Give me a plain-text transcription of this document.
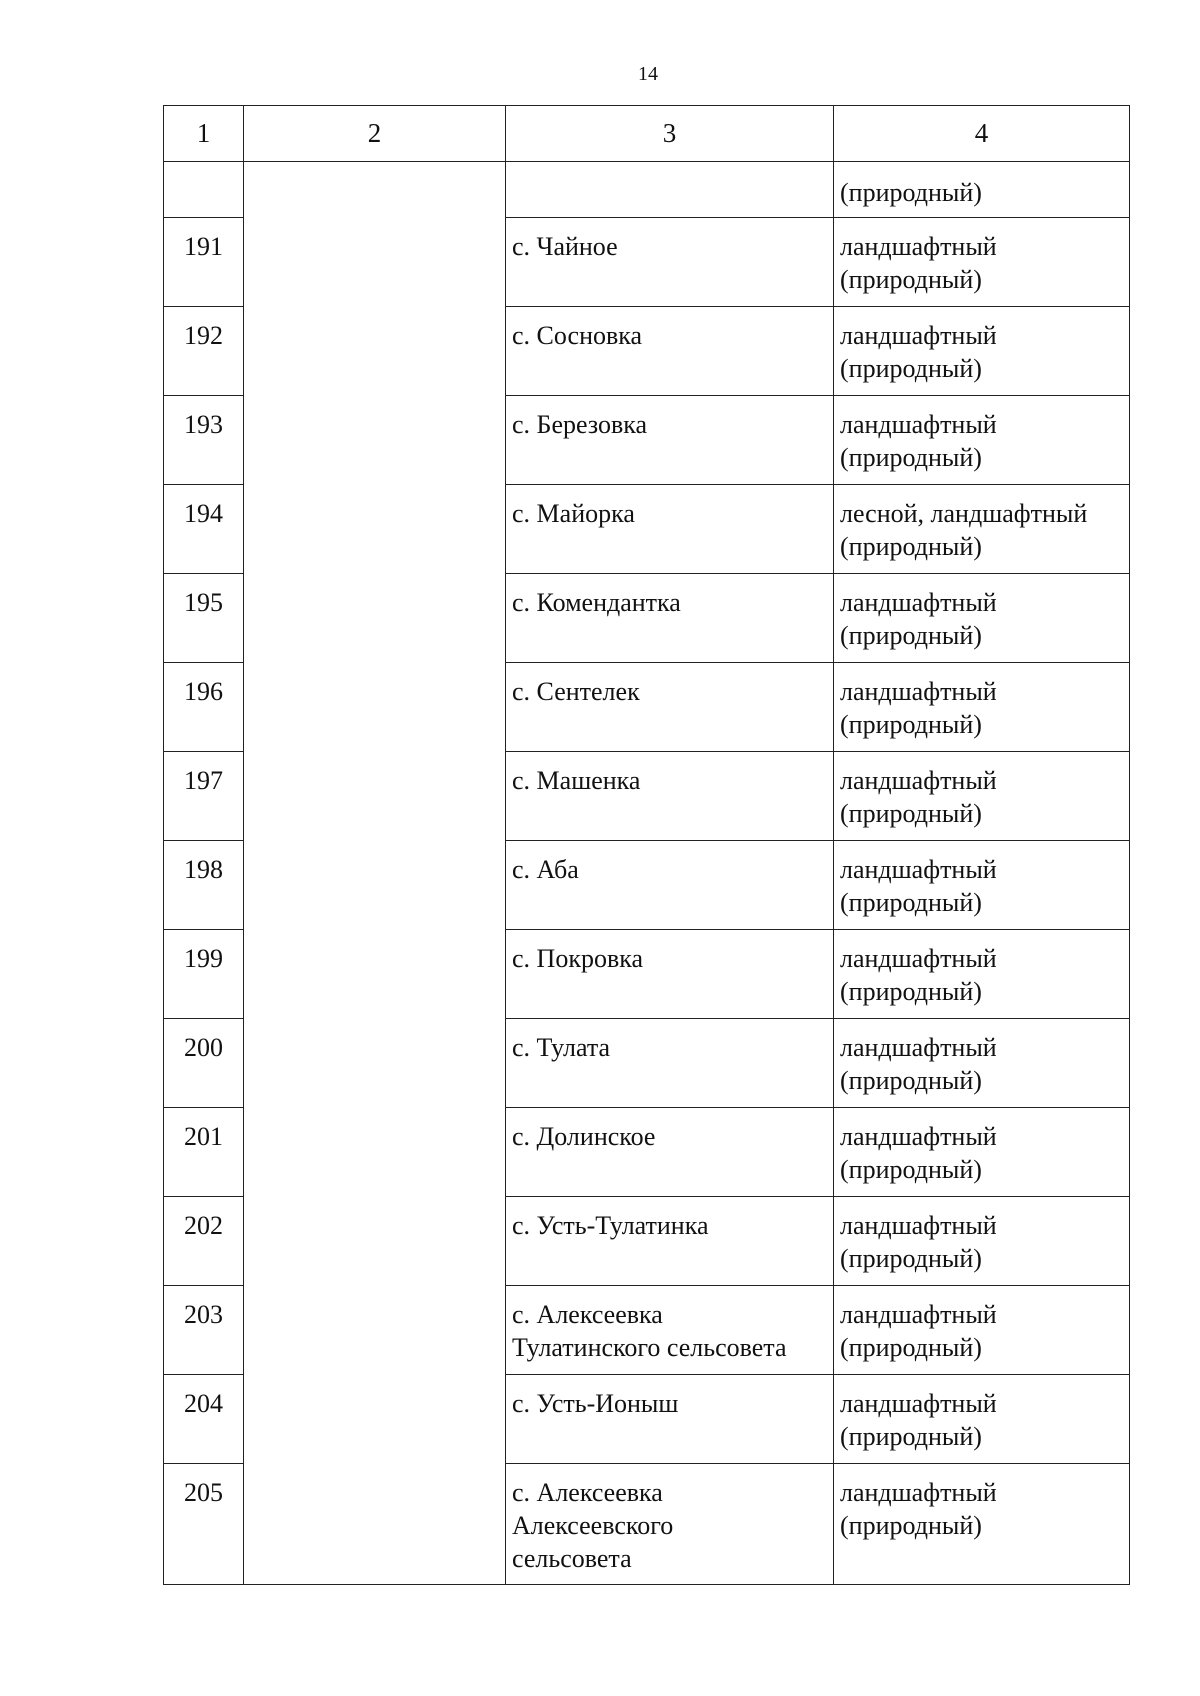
14
1	2	3	4

			(природный)

191		с. Чайное	ландшафтный
(природный)

192		с. Сосновка	ландшафтный
(природный)

193		с. Березовка	ландшафтный
(природный)

194		с. Майорка	лесной, ландшафтный
(природный)

195		с. Комендантка	ландшафтный
(природный)

196		с. Сентелек	ландшафтный
(природный)

197		с. Машенка	ландшафтный
(природный)

198		с. Аба	ландшафтный
(природный)

199		с. Покровка	ландшафтный
(природный)

200		с. Тулата	ландшафтный
(природный)

201		с. Долинское	ландшафтный
(природный)

202		с. Усть-Тулатинка	ландшафтный
(природный)

203		с. Алексеевка
Тулатинского сельсовета	ландшафтный
(природный)

204		с. Усть-Ионыш	ландшафтный
(природный)

205		с. Алексеевка
Алексеевского
сельсовета	ландшафтный
(природный)
